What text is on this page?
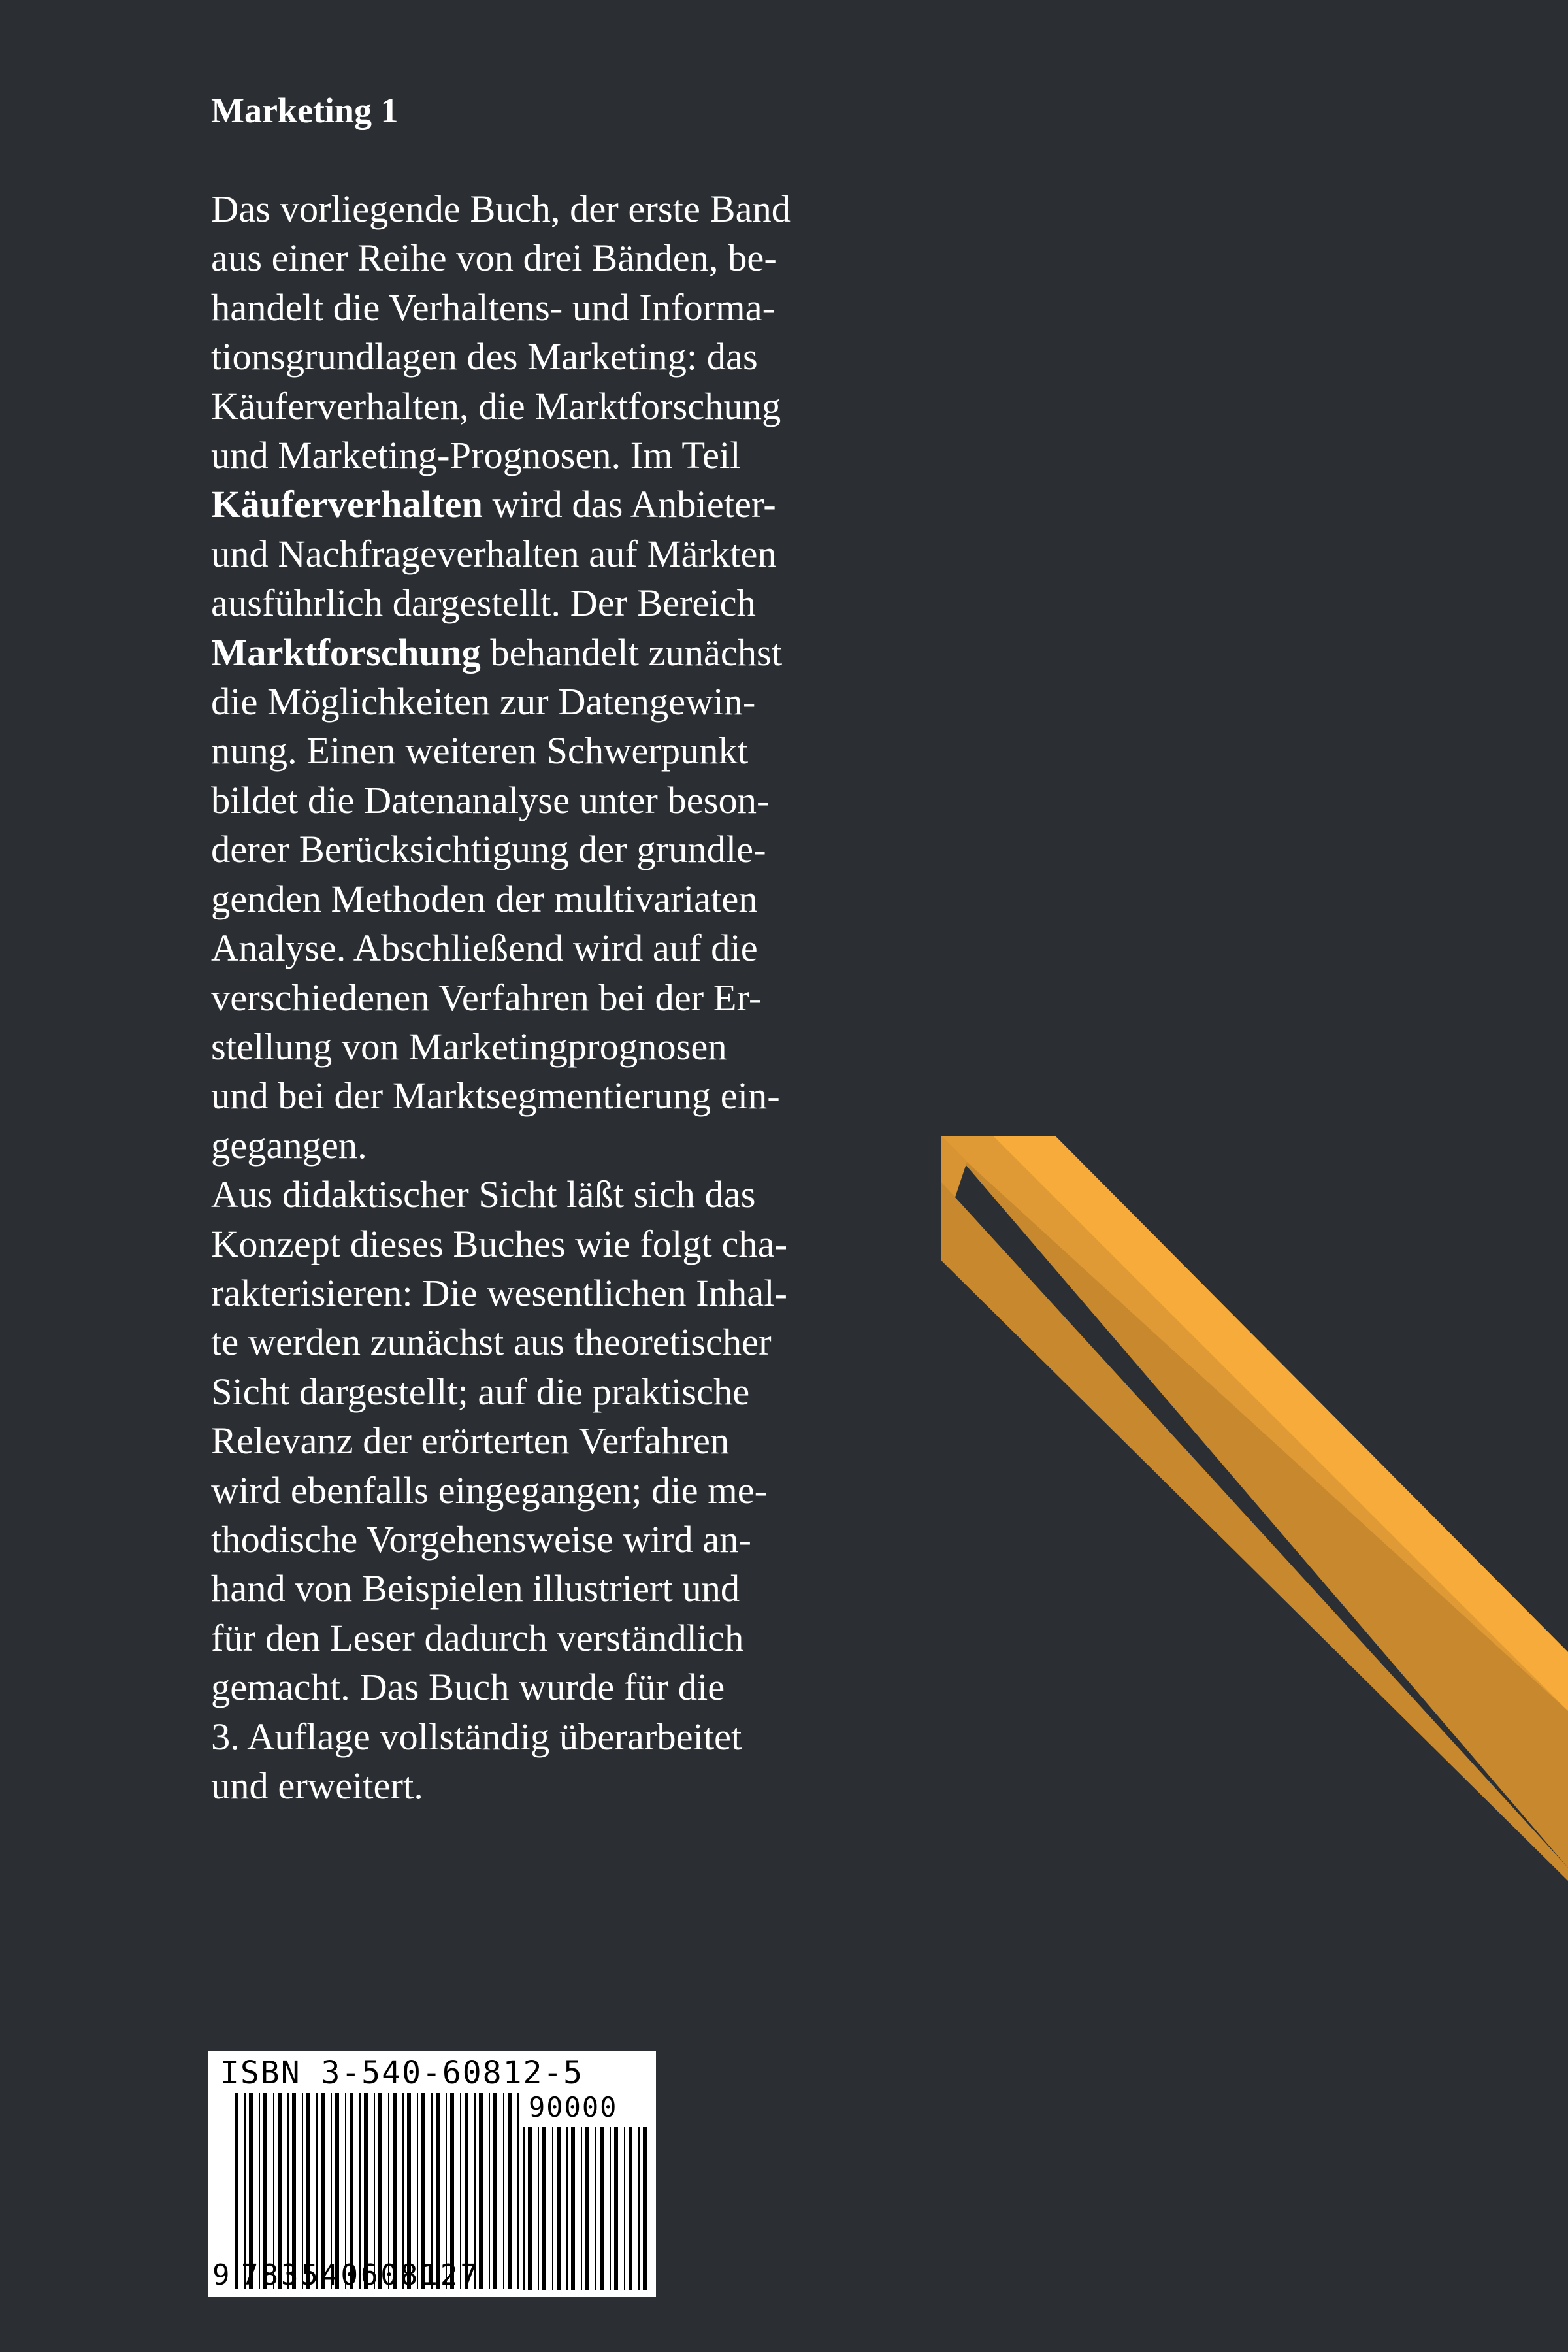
Marketing 1
Das vorliegende Buch, der erste Band
aus einer Reihe von drei Bänden, be-
handelt die Verhaltens- und Informa-
tionsgrundlagen des Marketing: das
Käuferverhalten, die Marktforschung
und Marketing-Prognosen. Im Teil
Käuferverhalten wird das Anbieter-
und Nachfrageverhalten auf Märkten
ausführlich dargestellt. Der Bereich
Marktforschung behandelt zunächst
die Möglichkeiten zur Datengewin-
nung. Einen weiteren Schwerpunkt
bildet die Datenanalyse unter beson-
derer Berücksichtigung der grundle-
genden Methoden der multivariaten
Analyse. Abschließend wird auf die
verschiedenen Verfahren bei der Er-
stellung von Marketingprognosen
und bei der Marktsegmentierung ein-
gegangen.
Aus didaktischer Sicht läßt sich das
Konzept dieses Buches wie folgt cha-
rakterisieren: Die wesentlichen Inhal-
te werden zunächst aus theoretischer
Sicht dargestellt; auf die praktische
Relevanz der erörterten Verfahren
wird ebenfalls eingegangen; die me-
thodische Vorgehensweise wird an-
hand von Beispielen illustriert und
für den Leser dadurch verständlich
gemacht. Das Buch wurde für die
3. Auflage vollständig überarbeitet
und erweitert.
ISBN 3-540-60812-5
90000
9 783540608127
